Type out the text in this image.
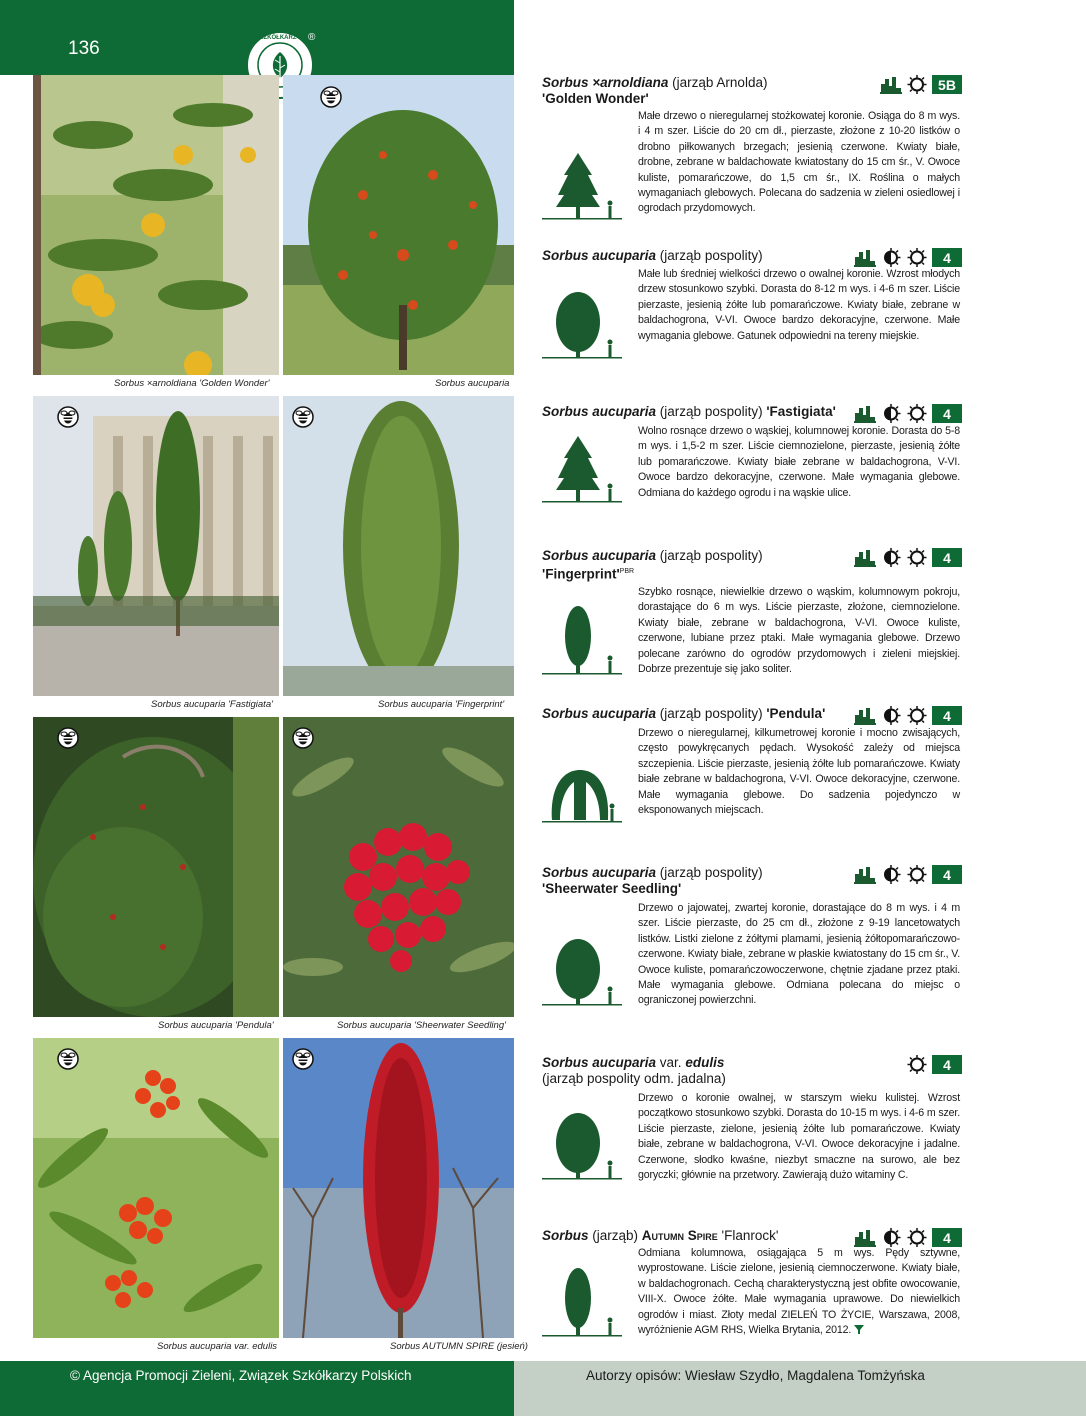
136	SZKÓŁKARZY ®
Sorbus ×arnoldiana 'Golden Wonder'	Sorbus aucuparia
Sorbus aucuparia 'Fastigiata'	Sorbus aucuparia 'Fingerprint'
Sorbus aucuparia 'Pendula'	Sorbus aucuparia 'Sheerwater Seedling'
Sorbus aucuparia var. edulis	Sorbus AUTUMN SPIRE (jesień)
Sorbus ×arnoldiana (jarząb Arnolda)
'Golden Wonder'
5B
Małe drzewo o nieregularnej stożkowatej koronie. Osiąga do 8 m wys. i 4 m szer. Liście do 20 cm dł., pierzaste, złożone z 10-20 listków o drobno piłkowanych brzegach; jesienią czerwone. Kwiaty białe, drobne, zebrane w baldachowate kwiatostany do 15 cm śr., V. Owoce kuliste, pomarańczowe, do 1,5 cm śr., IX. Roślina o małych wymaganiach glebowych. Polecana do sadzenia w zieleni osiedlowej i ogrodach przydomowych.
Sorbus aucuparia (jarząb pospolity)	4
Małe lub średniej wielkości drzewo o owalnej koronie. Wzrost młodych drzew stosunkowo szybki. Dorasta do 8-12 m wys. i 4-6 m szer. Liście pierzaste, jesienią żółte lub pomarańczowe. Kwiaty białe, zebrane w baldachogrona, V-VI. Owoce bardzo dekoracyjne, czerwone. Małe wymagania glebowe. Gatunek odpowiedni na tereny miejskie.
Sorbus aucuparia (jarząb pospolity) 'Fastigiata'	4
Wolno rosnące drzewo o wąskiej, kolumnowej koronie. Dorasta do 5-8 m wys. i 1,5-2 m szer. Liście ciemnozielone, pierzaste, jesienią żółte lub pomarańczowe. Kwiaty białe zebrane w baldachogrona, V-VI. Owoce bardzo dekoracyjne, czerwone. Małe wymagania glebowe. Odmiana do każdego ogrodu i na wąskie ulice.
Sorbus aucuparia (jarząb pospolity)
'$Fingerprint'^{PBR}$
4
Szybko rosnące, niewielkie drzewo o wąskim, kolumnowym pokroju, dorastające do 6 m wys. Liście pierzaste, złożone, ciemnozielone. Kwiaty białe, zebrane w baldachogrona, V-VI. Owoce kuliste, czerwone, lubiane przez ptaki. Małe wymagania glebowe. Drzewo polecane zarówno do ogrodów przydomowych i zieleni miejskiej. Dobrze prezentuje się jako soliter.
Sorbus aucuparia (jarząb pospolity) 'Pendula'	4
Drzewo o nieregularnej, kilkumetrowej koronie i mocno zwisających, często powykręcanych pędach. Wysokość zależy od miejsca szczepienia. Liście pierzaste, jesienią żółte lub pomarańczowe. Kwiaty białe zebrane w baldachogrona, V-VI. Owoce dekoracyjne, czerwone. Małe wymagania glebowe. Do sadzenia pojedynczo w eksponowanych miejscach.
Sorbus aucuparia (jarząb pospolity)
'Sheerwater Seedling'
4
Drzewo o jajowatej, zwartej koronie, dorastające do 8 m wys. i 4 m szer. Liście pierzaste, do 25 cm dł., złożone z 9-19 lancetowatych listków. Listki zielone z żółtymi plamami, jesienią żółtopomarańczowo-czerwone. Kwiaty białe, zebrane w płaskie kwiatostany do 15 cm śr., V. Owoce kuliste, pomarańczowoczerwone, chętnie zjadane przez ptaki. Małe wymagania glebowe. Odmiana polecana do miejsc o ograniczonej powierzchni.
Sorbus aucuparia var. edulis
(jarząb pospolity odm. jadalna)
4
Drzewo o koronie owalnej, w starszym wieku kulistej. Wzrost początkowo stosunkowo szybki. Dorasta do 10-15 m wys. i 4-6 m szer. Liście pierzaste, zielone, jesienią żółte lub pomarańczowe. Kwiaty białe, zebrane w baldachogrona, V-VI. Owoce dekoracyjne i jadalne. Czerwone, słodko kwaśne, niezbyt smaczne na surowo, ale bez goryczki; głównie na przetwory. Zawierają dużo witaminy C.
Sorbus (jarząb) Autumn Spire 'Flanrock'	4
Odmiana kolumnowa, osiągająca 5 m wys. Pędy sztywne, wyprostowane. Liście zielone, jesienią ciemnoczerwone. Kwiaty białe, w baldachogronach. Cechą charakterystyczną jest obfite owocowanie, VIII-X. Owoce żółte. Małe wymagania uprawowe. Do niewielkich ogrodów i miast. Złoty medal ZIELEŃ TO ŻYCIE, Warszawa, 2008, wyróżnienie AGM RHS, Wielka Brytania, 2012.
© Agencja Promocji Zieleni, Związek Szkółkarzy Polskich	Autorzy opisów: Wiesław Szydło, Magdalena Tomżyńska
